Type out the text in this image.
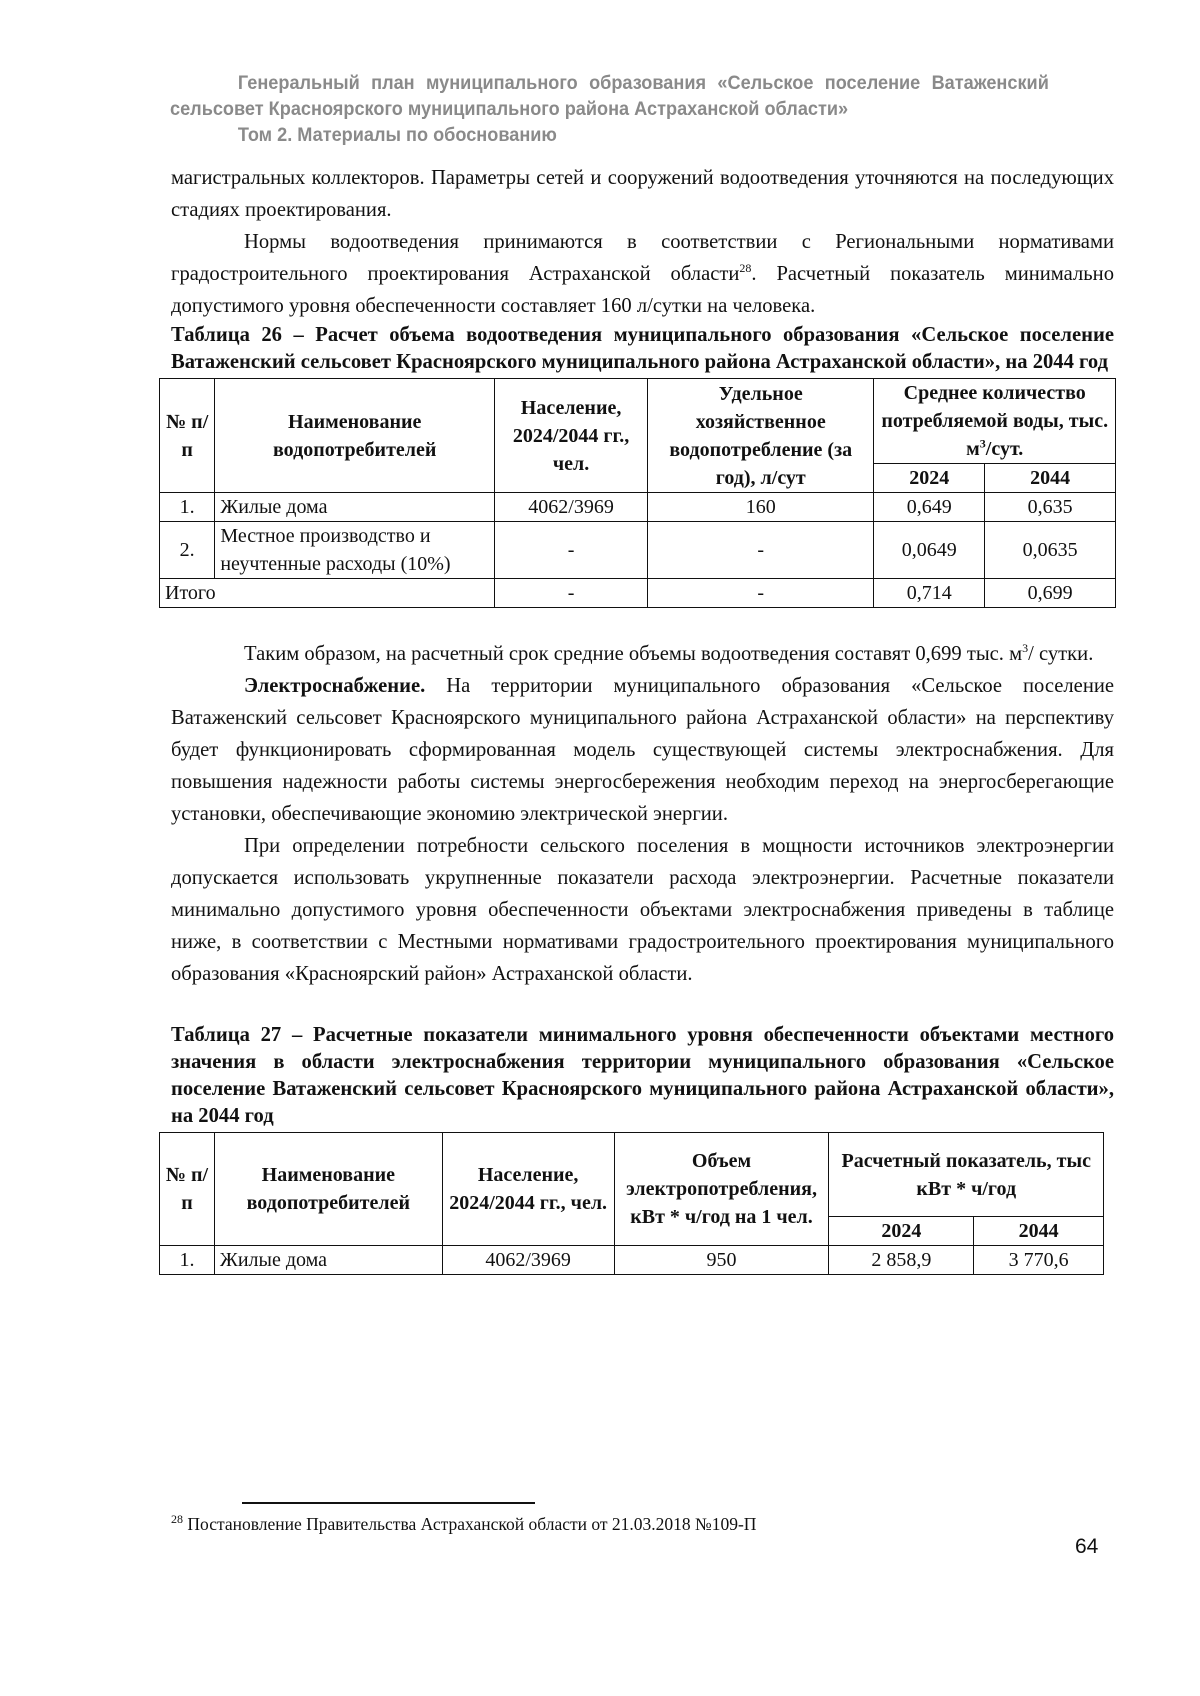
Генеральный план муниципального образования «Сельское поселение Ватаженский
сельсовет Красноярского муниципального района Астраханской области»
Том 2. Материалы по обоснованию

магистральных коллекторов. Параметры сетей и сооружений водоотведения уточняются на последующих стадиях проектирования.

Нормы водоотведения принимаются в соответствии с Региональными нормативами градостроительного проектирования Астраханской области$^{28}$. Расчетный показатель минимально допустимого уровня обеспеченности составляет 160 л/сутки на человека.

Таблица 26 – Расчет объема водоотведения муниципального образования «Сельское поселение Ватаженский сельсовет Красноярского муниципального района Астраханской области», на 2044 год

№ п/п	Наименование водопотребителей	Население, 2024/2044 гг., чел.	Удельное хозяйственное водопотребление (за год), л/сут	Среднее количество потребляемой воды, тыс. $м^3$/сут.	
				2024	2044
1.	Жилые дома	4062/3969	160	0,649	0,635
2.	Местное производство и неучтенные расходы (10%)	-	-	0,0649	0,0635
Итого		-	-	0,714	0,699

Таким образом, на расчетный срок средние объемы водоотведения составят 0,699 тыс. $м^3/$ сутки.

Электроснабжение. На территории муниципального образования «Сельское поселение Ватаженский сельсовет Красноярского муниципального района Астраханской области» на перспективу будет функционировать сформированная модель существующей системы электроснабжения. Для повышения надежности работы системы энергосбережения необходим переход на энергосберегающие установки, обеспечивающие экономию электрической энергии.

При определении потребности сельского поселения в мощности источников электроэнергии допускается использовать укрупненные показатели расхода электроэнергии. Расчетные показатели минимально допустимого уровня обеспеченности объектами электроснабжения приведены в таблице ниже, в соответствии с Местными нормативами градостроительного проектирования муниципального образования «Красноярский район» Астраханской области.

Таблица 27 – Расчетные показатели минимального уровня обеспеченности объектами местного значения в области электроснабжения территории муниципального образования «Сельское поселение Ватаженский сельсовет Красноярского муниципального района Астраханской области», на 2044 год

№ п/п	Наименование водопотребителей	Население, 2024/2044 гг., чел.	Объем электропотребления, кВт * ч/год на 1 чел.	Расчетный показатель, тыс кВт * ч/год	
				2024	2044
1.	Жилые дома	4062/3969	950	2 858,9	3 770,6
$^{28}$ Постановление Правительства Астраханской области от 21.03.2018 №109-П
64
